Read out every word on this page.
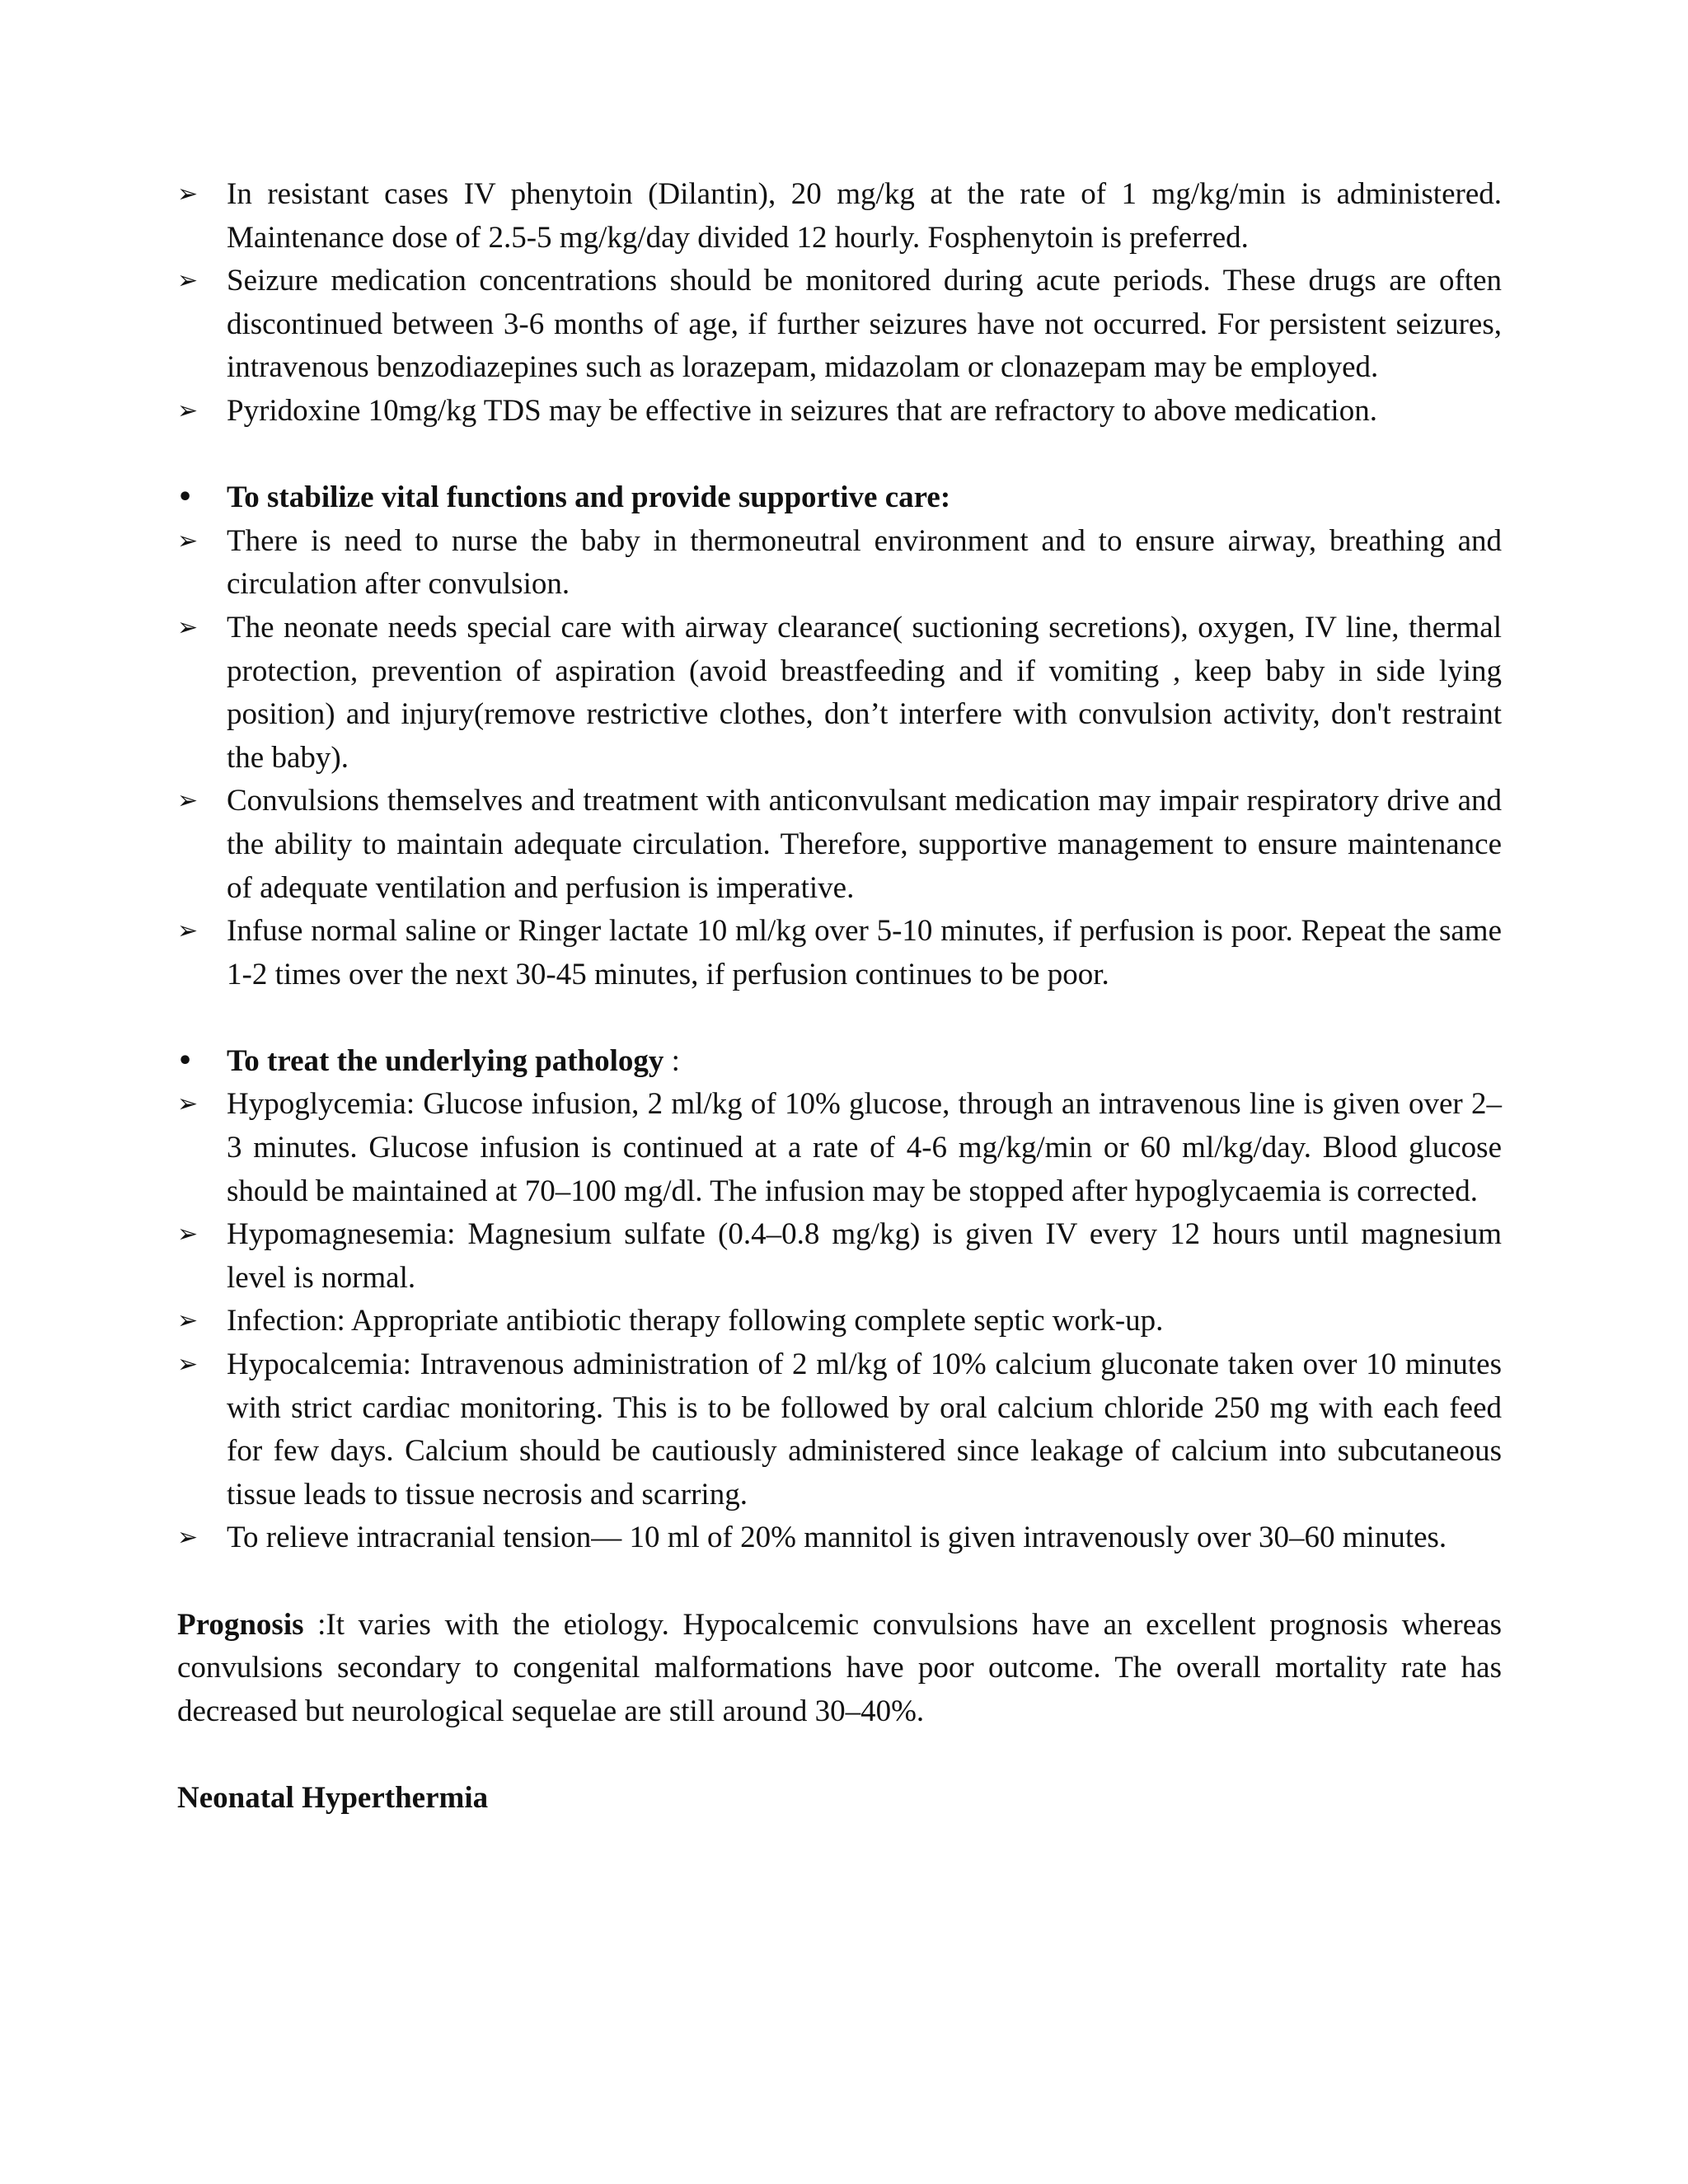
➢ In resistant cases IV phenytoin (Dilantin), 20 mg/kg at the rate of 1 mg/kg/min is administered. Maintenance dose of 2.5-5 mg/kg/day divided 12 hourly. Fosphenytoin is preferred.
➢ Seizure medication concentrations should be monitored during acute periods. These drugs are often discontinued between 3-6 months of age, if further seizures have not occurred. For persistent seizures, intravenous benzodiazepines such as lorazepam, midazolam or clonazepam may be employed.
➢ Pyridoxine 10mg/kg TDS may be effective in seizures that are refractory to above medication.
•	To stabilize vital functions and provide supportive care:
➢ There is need to nurse the baby in thermoneutral environment and to ensure airway, breathing and circulation after convulsion.
➢ The neonate needs special care with airway clearance( suctioning secretions), oxygen, IV line, thermal protection, prevention of aspiration (avoid breastfeeding and if vomiting , keep baby in side lying position) and injury(remove restrictive clothes, don’t interfere with convulsion activity, don't restraint the baby).
➢ Convulsions themselves and treatment with anticonvulsant medication may impair respiratory drive and the ability to maintain adequate circulation. Therefore, supportive management to ensure maintenance of adequate ventilation and perfusion is imperative.
➢ Infuse normal saline or Ringer lactate 10 ml/kg over 5-10 minutes, if perfusion is poor. Repeat the same 1-2 times over the next 30-45 minutes, if perfusion continues to be poor.
•	To treat the underlying pathology :
➢ Hypoglycemia: Glucose infusion, 2 ml/kg of 10% glucose, through an intravenous line is given over 2–3 minutes. Glucose infusion is continued at a rate of 4-6 mg/kg/min or 60 ml/kg/day. Blood glucose should be maintained at 70–100 mg/dl. The infusion may be stopped after hypoglycaemia is corrected.
➢ Hypomagnesemia: Magnesium sulfate (0.4–0.8 mg/kg) is given IV every 12 hours until magnesium level is normal.
➢ Infection: Appropriate antibiotic therapy following complete septic work-up.
➢ Hypocalcemia: Intravenous administration of 2 ml/kg of 10% calcium gluconate taken over 10 minutes with strict cardiac monitoring. This is to be followed by oral calcium chloride 250 mg with each feed for few days. Calcium should be cautiously administered since leakage of calcium into subcutaneous tissue leads to tissue necrosis and scarring.
➢ To relieve intracranial tension— 10 ml of 20% mannitol is given intravenously over 30–60 minutes.
Prognosis :It varies with the etiology. Hypocalcemic convulsions have an excellent prognosis whereas convulsions secondary to congenital malformations have poor outcome. The overall mortality rate has decreased but neurological sequelae are still around 30–40%.
Neonatal Hyperthermia
